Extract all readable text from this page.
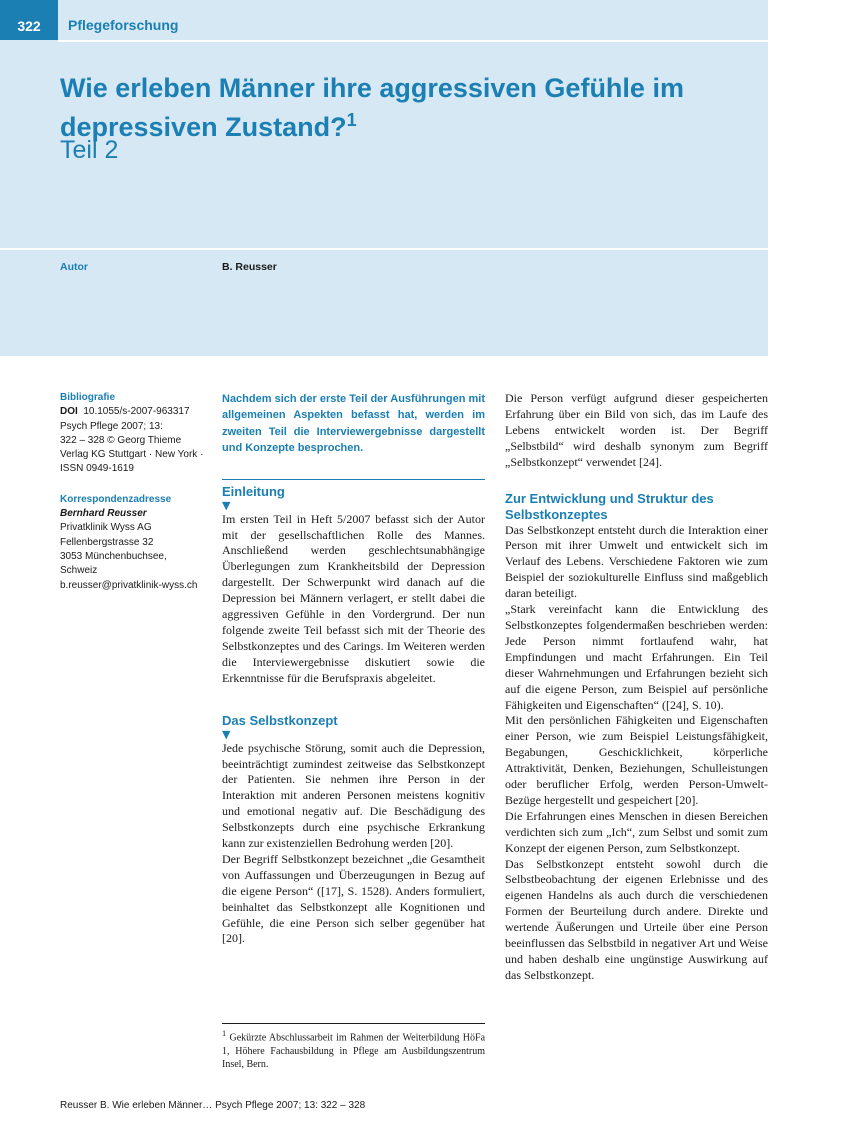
322	Pflegeforschung
Wie erleben Männer ihre aggressiven Gefühle im depressiven Zustand?$^1$
Teil 2
Autor	B. Reusser
Bibliografie
DOI 10.1055/s-2007-963317
Psych Pflege 2007; 13:
322 – 328 © Georg Thieme
Verlag KG Stuttgart · New York ·
ISSN 0949-1619
Korrespondenzadresse
Bernhard Reusser
Privatklinik Wyss AG
Fellenbergstrasse 32
3053 Münchenbuchsee,
Schweiz
b.reusser@privatklinik-wyss.ch

Nachdem sich der erste Teil der Ausführungen mit allgemeinen Aspekten befasst hat, werden im zweiten Teil die Interviewergebnisse dargestellt und Konzepte besprochen.

Einleitung
▼

Im ersten Teil in Heft 5/2007 befasst sich der Autor mit der gesellschaftlichen Rolle des Mannes. Anschließend werden geschlechtsunabhängige Überlegungen zum Krankheitsbild der Depression dargestellt. Der Schwerpunkt wird danach auf die Depression bei Männern verlagert, er stellt dabei die aggressiven Gefühle in den Vordergrund. Der nun folgende zweite Teil befasst sich mit der Theorie des Selbstkonzeptes und des Carings. Im Weiteren werden die Interviewergebnisse diskutiert sowie die Erkenntnisse für die Berufspraxis abgeleitet.

Das Selbstkonzept
▼

Jede psychische Störung, somit auch die Depression, beeinträchtigt zumindest zeitweise das Selbstkonzept der Patienten. Sie nehmen ihre Person in der Interaktion mit anderen Personen meistens kognitiv und emotional negativ auf. Die Beschädigung des Selbstkonzepts durch eine psychische Erkrankung kann zur existenziellen Bedrohung werden [20].

Der Begriff Selbstkonzept bezeichnet „die Gesamtheit von Auffassungen und Überzeugungen in Bezug auf die eigene Person“ ([17], S. 1528). Anders formuliert, beinhaltet das Selbstkonzept alle Kognitionen und Gefühle, die eine Person sich selber gegenüber hat [20].

$^1$ Gekürzte Abschlussarbeit im Rahmen der Weiterbildung HöFa 1, Höhere Fachausbildung in Pflege am Ausbildungszentrum Insel, Bern.

Die Person verfügt aufgrund dieser gespeicherten Erfahrung über ein Bild von sich, das im Laufe des Lebens entwickelt worden ist. Der Begriff „Selbstbild“ wird deshalb synonym zum Begriff „Selbstkonzept“ verwendet [24].

Zur Entwicklung und Struktur des Selbstkonzeptes

Das Selbstkonzept entsteht durch die Interaktion einer Person mit ihrer Umwelt und entwickelt sich im Verlauf des Lebens. Verschiedene Faktoren wie zum Beispiel der soziokulturelle Einfluss sind maßgeblich daran beteiligt.

„Stark vereinfacht kann die Entwicklung des Selbstkonzeptes folgendermaßen beschrieben werden: Jede Person nimmt fortlaufend wahr, hat Empfindungen und macht Erfahrungen. Ein Teil dieser Wahrnehmungen und Erfahrungen bezieht sich auf die eigene Person, zum Beispiel auf persönliche Fähigkeiten und Eigenschaften“ ([24], S. 10).

Mit den persönlichen Fähigkeiten und Eigenschaften einer Person, wie zum Beispiel Leistungsfähigkeit, Begabungen, Geschicklichkeit, körperliche Attraktivität, Denken, Beziehungen, Schulleistungen oder beruflicher Erfolg, werden Person-Umwelt-Bezüge hergestellt und gespeichert [20].

Die Erfahrungen eines Menschen in diesen Bereichen verdichten sich zum „Ich“, zum Selbst und somit zum Konzept der eigenen Person, zum Selbstkonzept.

Das Selbstkonzept entsteht sowohl durch die Selbstbeobachtung der eigenen Erlebnisse und des eigenen Handelns als auch durch die verschiedenen Formen der Beurteilung durch andere. Direkte und wertende Äußerungen und Urteile über eine Person beeinflussen das Selbstbild in negativer Art und Weise und haben deshalb eine ungünstige Auswirkung auf das Selbstkonzept.

Reusser B. Wie erleben Männer… Psych Pflege 2007; 13: 322 – 328
